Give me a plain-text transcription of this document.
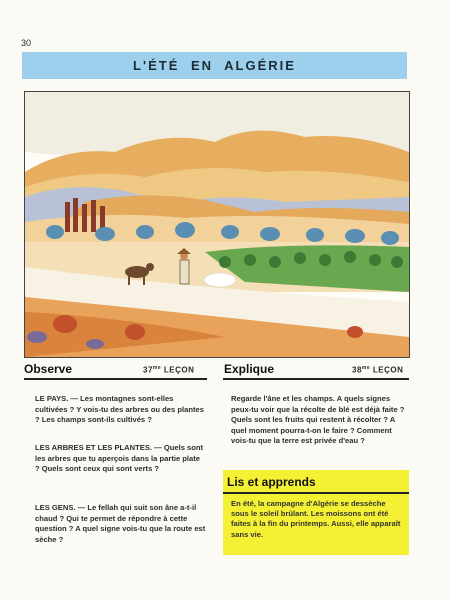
30
L'ÉTÉ EN ALGÉRIE
Observe	$37^{me}$ LEÇON
LE PAYS. — Les montagnes sont-elles cultivées ? Y vois-tu des arbres ou des plantes ? Les champs sont-ils cultivés ?
LES ARBRES ET LES PLANTES. — Quels sont les arbres que tu aperçois dans la partie plate ? Quels sont ceux qui sont verts ?
LES GENS. — Le fellah qui suit son âne a-t-il chaud ? Qui te permet de répondre à cette question ? A quel signe vois-tu que la route est sèche ?
Explique	$38^{me}$ LEÇON
Regarde l'âne et les champs. A quels signes peux-tu voir que la récolte de blé est déjà faite ? Quels sont les fruits qui restent à récolter ? A quel moment pourra-t-on le faire ? Comment vois-tu que la terre est privée d'eau ?
Lis et apprends
En été, la campagne d'Algérie se dessèche sous le soleil brûlant. Les moissons ont été faites à la fin du printemps. Aussi, elle apparaît sans vie.
